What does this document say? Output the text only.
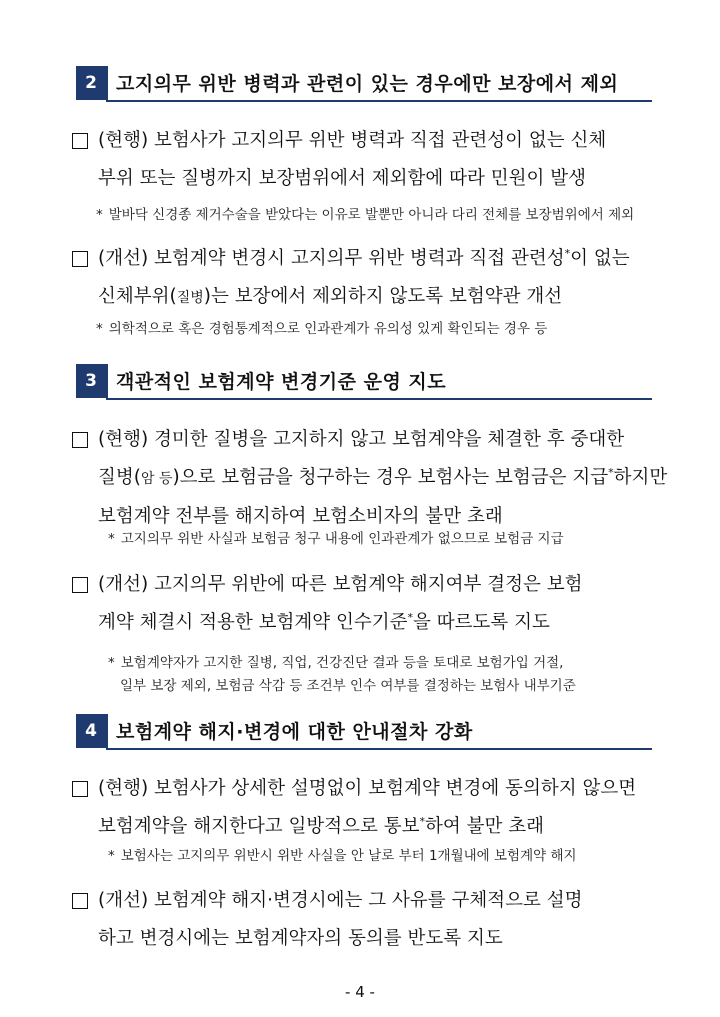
2	고지의무 위반 병력과 관련이 있는 경우에만 보장에서 제외
(현행) 보험사가 고지의무 위반 병력과 직접 관련성이 없는 신체
부위 또는 질병까지 보장범위에서 제외함에 따라 민원이 발생
* 발바닥 신경종 제거수술을 받았다는 이유로 발뿐만 아니라 다리 전체를 보장범위에서 제외
(개선) 보험계약 변경시 고지의무 위반 병력과 직접 관련성*이 없는
신체부위(질병)는 보장에서 제외하지 않도록 보험약관 개선
* 의학적으로 혹은 경험통계적으로 인과관계가 유의성 있게 확인되는 경우 등
3	객관적인 보험계약 변경기준 운영 지도
(현행) 경미한 질병을 고지하지 않고 보험계약을 체결한 후 중대한
질병(암 등)으로 보험금을 청구하는 경우 보험사는 보험금은 지급*하지만
보험계약 전부를 해지하여 보험소비자의 불만 초래
* 고지의무 위반 사실과 보험금 청구 내용에 인과관계가 없으므로 보험금 지급
(개선) 고지의무 위반에 따른 보험계약 해지여부 결정은 보험
계약 체결시 적용한 보험계약 인수기준*을 따르도록 지도
* 보험계약자가 고지한 질병, 직업, 건강진단 결과 등을 토대로 보험가입 거절,
일부 보장 제외, 보험금 삭감 등 조건부 인수 여부를 결정하는 보험사 내부기준
4	보험계약 해지·변경에 대한 안내절차 강화
(현행) 보험사가 상세한 설명없이 보험계약 변경에 동의하지 않으면
보험계약을 해지한다고 일방적으로 통보*하여 불만 초래
* 보험사는 고지의무 위반시 위반 사실을 안 날로 부터 1개월내에 보험계약 해지
(개선) 보험계약 해지·변경시에는 그 사유를 구체적으로 설명
하고 변경시에는 보험계약자의 동의를 반도록 지도
- 4 -
